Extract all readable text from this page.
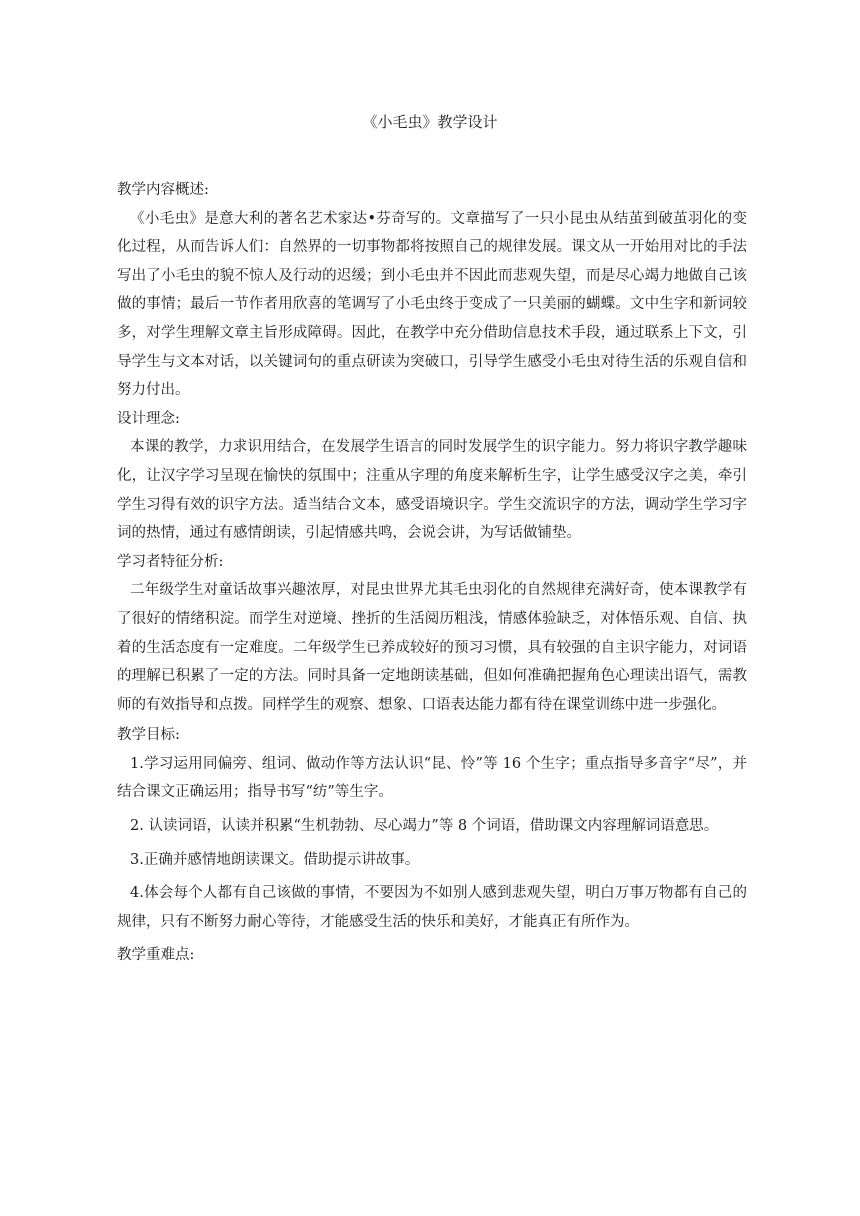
《小毛虫》教学设计

教学内容概述:

《小毛虫》是意大利的著名艺术家达•芬奇写的。文章描写了一只小昆虫从结茧到破茧羽化的变化过程，从而告诉人们：自然界的一切事物都将按照自己的规律发展。课文从一开始用对比的手法写出了小毛虫的貌不惊人及行动的迟缓；到小毛虫并不因此而悲观失望，而是尽心竭力地做自己该做的事情；最后一节作者用欣喜的笔调写了小毛虫终于变成了一只美丽的蝴蝶。文中生字和新词较多，对学生理解文章主旨形成障碍。因此，在教学中充分借助信息技术手段，通过联系上下文，引导学生与文本对话，以关键词句的重点研读为突破口，引导学生感受小毛虫对待生活的乐观自信和努力付出。

设计理念:

本课的教学，力求识用结合，在发展学生语言的同时发展学生的识字能力。努力将识字教学趣味化，让汉字学习呈现在愉快的氛围中；注重从字理的角度来解析生字，让学生感受汉字之美，牵引学生习得有效的识字方法。适当结合文本，感受语境识字。学生交流识字的方法，调动学生学习字词的热情，通过有感情朗读，引起情感共鸣，会说会讲，为写话做铺垫。

学习者特征分析:

二年级学生对童话故事兴趣浓厚，对昆虫世界尤其毛虫羽化的自然规律充满好奇，使本课教学有了很好的情绪积淀。而学生对逆境、挫折的生活阅历粗浅，情感体验缺乏，对体悟乐观、自信、执着的生活态度有一定难度。二年级学生已养成较好的预习习惯，具有较强的自主识字能力，对词语的理解已积累了一定的方法。同时具备一定地朗读基础，但如何准确把握角色心理读出语气，需教师的有效指导和点拨。同样学生的观察、想象、口语表达能力都有待在课堂训练中进一步强化。

教学目标:

1.学习运用同偏旁、组词、做动作等方法认识“昆、怜”等 16 个生字；重点指导多音字“尽”，并结合课文正确运用；指导书写“纺”等生字。

2. 认读词语，认读并积累“生机勃勃、尽心竭力”等 8 个词语，借助课文内容理解词语意思。

3.正确并感情地朗读课文。借助提示讲故事。

4.体会每个人都有自己该做的事情，不要因为不如别人感到悲观失望，明白万事万物都有自己的规律，只有不断努力耐心等待，才能感受生活的快乐和美好，才能真正有所作为。

教学重难点:
